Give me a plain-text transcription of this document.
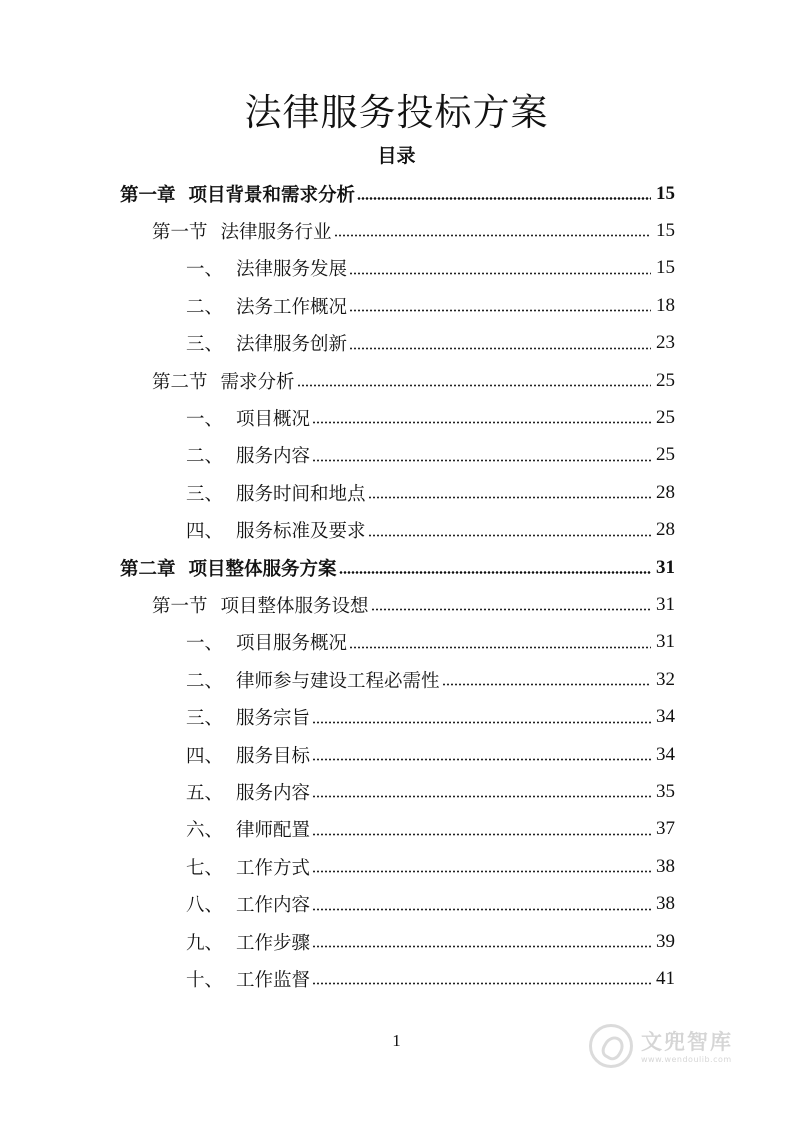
法律服务投标方案
目录
第一章 项目背景和需求分析	15
第一节 法律服务行业	15
一、 法律服务发展	15
二、 法务工作概况	18
三、 法律服务创新	23
第二节 需求分析	25
一、 项目概况	25
二、 服务内容	25
三、 服务时间和地点	28
四、 服务标准及要求	28
第二章 项目整体服务方案	31
第一节 项目整体服务设想	31
一、 项目服务概况	31
二、 律师参与建设工程必需性	32
三、 服务宗旨	34
四、 服务目标	34
五、 服务内容	35
六、 律师配置	37
七、 工作方式	38
八、 工作内容	38
九、 工作步骤	39
十、 工作监督	41
1	文兜智库
www.wendoulib.com
